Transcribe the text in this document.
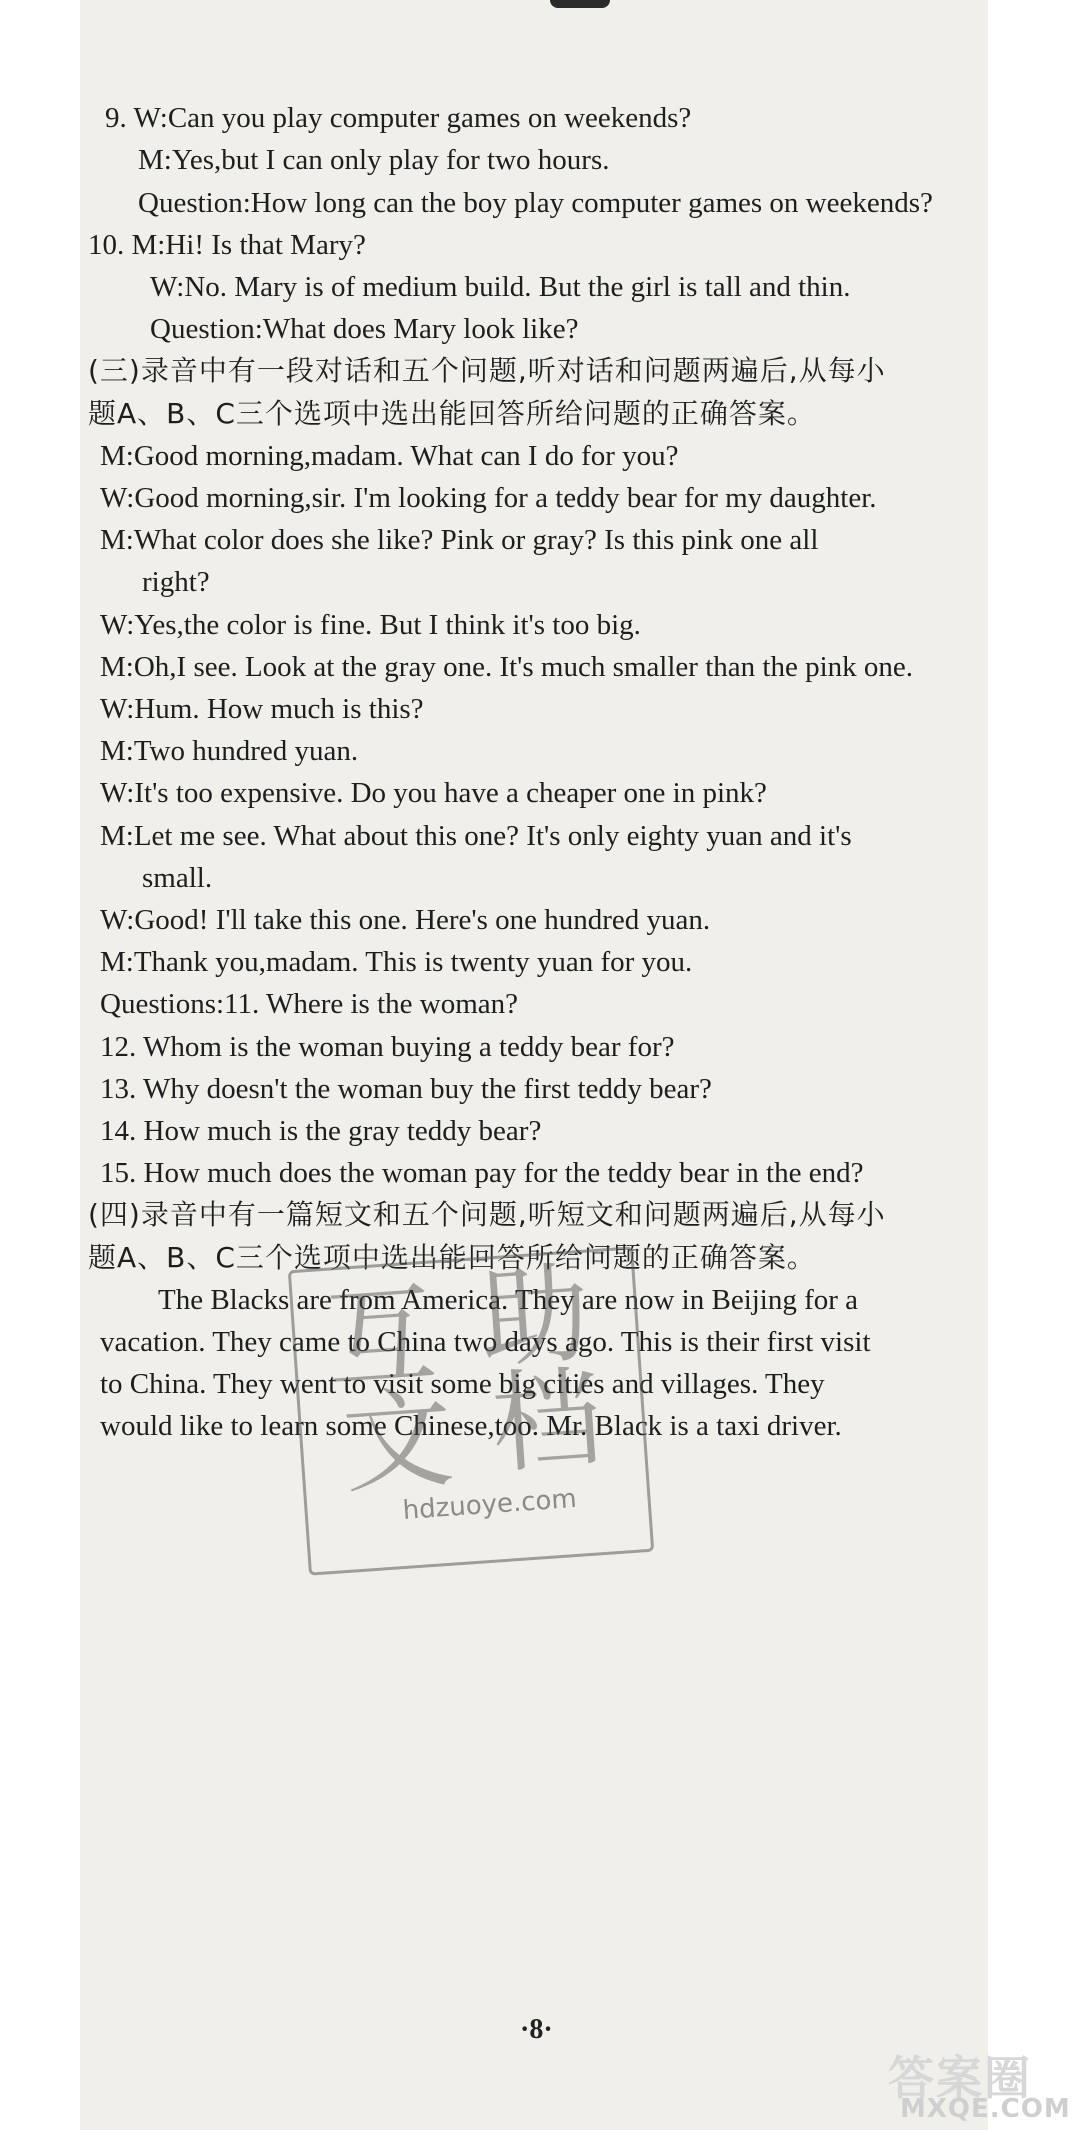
9. W:Can you play computer games on weekends?
M:Yes,but I can only play for two hours.
Question:How long can the boy play computer games on weekends?
10. M:Hi! Is that Mary?
W:No. Mary is of medium build. But the girl is tall and thin.
Question:What does Mary look like?
(三)录音中有一段对话和五个问题,听对话和问题两遍后,从每小
题A、B、C三个选项中选出能回答所给问题的正确答案。
M:Good morning,madam. What can I do for you?
W:Good morning,sir. I'm looking for a teddy bear for my daughter.
M:What color does she like? Pink or gray? Is this pink one all
right?
W:Yes,the color is fine. But I think it's too big.
M:Oh,I see. Look at the gray one. It's much smaller than the pink one.
W:Hum. How much is this?
M:Two hundred yuan.
W:It's too expensive. Do you have a cheaper one in pink?
M:Let me see. What about this one? It's only eighty yuan and it's
small.
W:Good! I'll take this one. Here's one hundred yuan.
M:Thank you,madam. This is twenty yuan for you.
Questions:11. Where is the woman?
12. Whom is the woman buying a teddy bear for?
13. Why doesn't the woman buy the first teddy bear?
14. How much is the gray teddy bear?
15. How much does the woman pay for the teddy bear in the end?
(四)录音中有一篇短文和五个问题,听短文和问题两遍后,从每小
题A、B、C三个选项中选出能回答所给问题的正确答案。
The Blacks are from America. They are now in Beijing for a
vacation. They came to China two days ago. This is their first visit
to China. They went to visit some big cities and villages. They
would like to learn some Chinese,too. Mr. Black is a taxi driver.
·8·
互 助
文 档
hdzuoye.com
答案圈
MXQE.COM
